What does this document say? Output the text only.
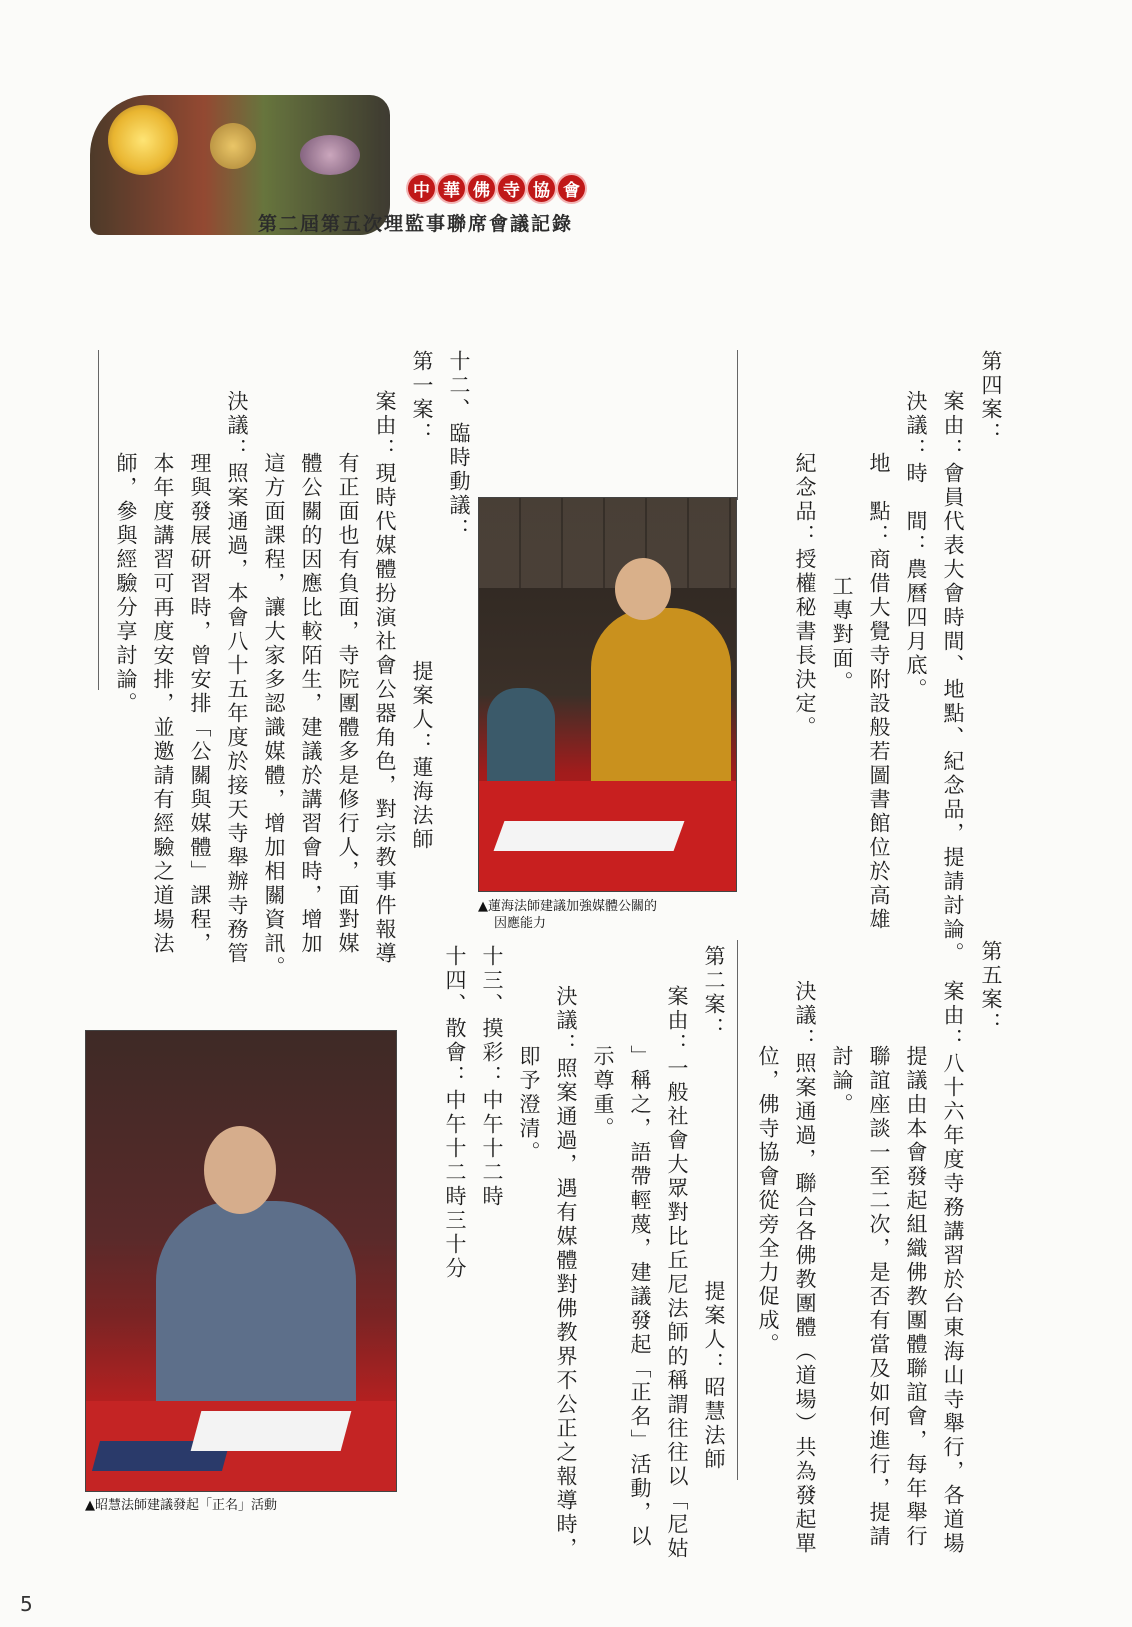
中 華 佛 寺 協 會
第二屆第五次理監事聯席會議記錄
第四案：
案由：會員代表大會時間、地點、紀念品，提請討論。
決議：時　間：農曆四月底。
地　點：商借大覺寺附設般若圖書館位於高雄
工專對面。
紀念品：授權秘書長決定。
第五案：
案由：八十六年度寺務講習於台東海山寺舉行，各道場
提議由本會發起組織佛教團體聯誼會，每年舉行
聯誼座談一至二次，是否有當及如何進行，提請
討論。
決議：照案通過，聯合各佛教團體（道場）共為發起單
位，佛寺協會從旁全力促成。
十二、臨時動議：
第一案：
提案人：蓮海法師
案由：現時代媒體扮演社會公器角色，對宗教事件報導
有正面也有負面，寺院團體多是修行人，面對媒
體公關的因應比較陌生，建議於講習會時，增加
這方面課程，讓大家多認識媒體，增加相關資訊。
決議：照案通過，本會八十五年度於接天寺舉辦寺務管
理與發展研習時，曾安排「公關與媒體」課程，
本年度講習可再度安排，並邀請有經驗之道場法
師，參與經驗分享討論。
第二案：
提案人：昭慧法師
案由：一般社會大眾對比丘尼法師的稱謂往往以「尼姑
」稱之，語帶輕蔑，建議發起「正名」活動，以
示尊重。
決議：照案通過，遇有媒體對佛教界不公正之報導時，
即予澄清。
十三、摸彩：中午十二時
十四、散會：中午十二時三十分
▲蓮海法師建議加強媒體公關的
因應能力
▲昭慧法師建議發起「正名」活動
5
